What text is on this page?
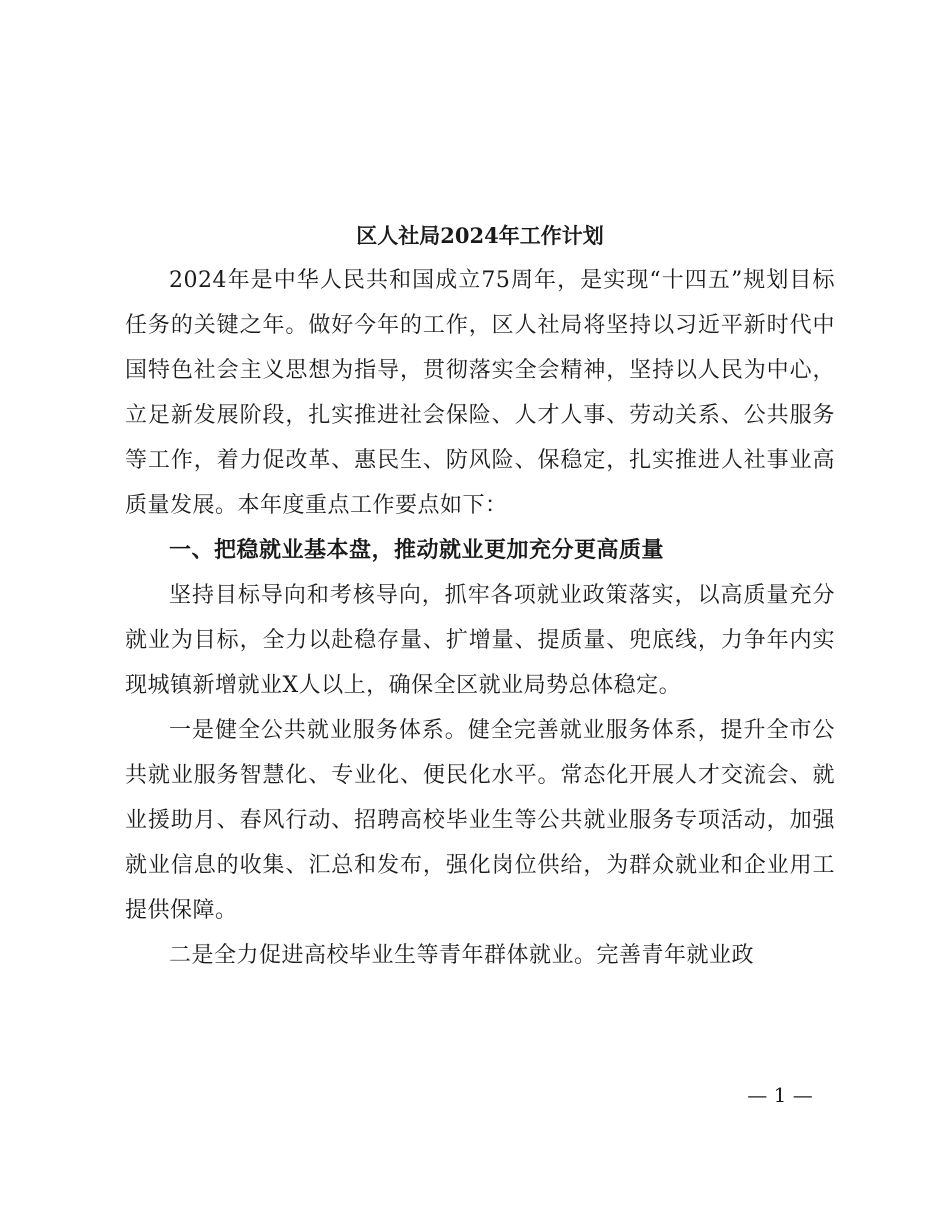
区人社局2024年工作计划

2024年是中华人民共和国成立75周年，是实现“十四五”规划目标任务的关键之年。做好今年的工作，区人社局将坚持以习近平新时代中国特色社会主义思想为指导，贯彻落实全会精神，坚持以人民为中心，立足新发展阶段，扎实推进社会保险、人才人事、劳动关系、公共服务等工作，着力促改革、惠民生、防风险、保稳定，扎实推进人社事业高质量发展。本年度重点工作要点如下：

一、把稳就业基本盘，推动就业更加充分更高质量

坚持目标导向和考核导向，抓牢各项就业政策落实，以高质量充分就业为目标，全力以赴稳存量、扩增量、提质量、兜底线，力争年内实现城镇新增就业X人以上，确保全区就业局势总体稳定。

一是健全公共就业服务体系。健全完善就业服务体系，提升全市公共就业服务智慧化、专业化、便民化水平。常态化开展人才交流会、就业援助月、春风行动、招聘高校毕业生等公共就业服务专项活动，加强就业信息的收集、汇总和发布，强化岗位供给，为群众就业和企业用工提供保障。

二是全力促进高校毕业生等青年群体就业。完善青年就业政

— 1 —
